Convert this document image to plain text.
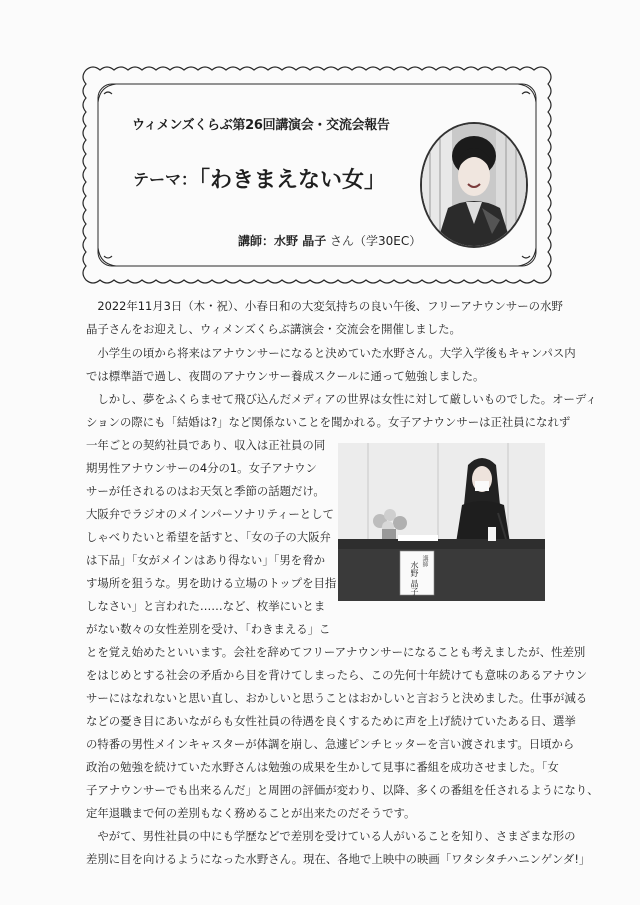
ウィメンズくらぶ第26回講演会・交流会報告
テーマ：「わきまえない女」
講師：水野 晶子 さん（学30EC）
　2022年11月3日（木・祝）、小春日和の大変気持ちの良い午後、フリーアナウンサーの水野
晶子さんをお迎えし、ウィメンズくらぶ講演会・交流会を開催しました。
　小学生の頃から将来はアナウンサーになると決めていた水野さん。大学入学後もキャンパス内
では標準語で過し、夜間のアナウンサー養成スクールに通って勉強しました。
　しかし、夢をふくらませて飛び込んだメディアの世界は女性に対して厳しいものでした。オーディ
ションの際にも「結婚は?」など関係ないことを聞かれる。女子アナウンサーは正社員になれず
一年ごとの契約社員であり、収入は正社員の同
期男性アナウンサーの4分の1。女子アナウン
サーが任されるのはお天気と季節の話題だけ。
大阪弁でラジオのメインパーソナリティーとして
しゃべりたいと希望を話すと、「女の子の大阪弁
は下品」「女がメインはあり得ない」「男を脅か
す場所を狙うな。男を助ける立場のトップを目指
しなさい」と言われた……など、枚挙にいとま
がない数々の女性差別を受け、「わきまえる」こ
とを覚え始めたといいます。会社を辞めてフリーアナウンサーになることも考えましたが、性差別
をはじめとする社会の矛盾から目を背けてしまったら、この先何十年続けても意味のあるアナウン
サーにはなれないと思い直し、おかしいと思うことはおかしいと言おうと決めました。仕事が減る
などの憂き目にあいながらも女性社員の待遇を良くするために声を上げ続けていたある日、選挙
の特番の男性メインキャスターが体調を崩し、急遽ピンチヒッターを言い渡されます。日頃から
政治の勉強を続けていた水野さんは勉強の成果を生かして見事に番組を成功させました。「女
子アナウンサーでも出来るんだ」と周囲の評価が変わり、以降、多くの番組を任されるようになり、
定年退職まで何の差別もなく務めることが出来たのだそうです。
　やがて、男性社員の中にも学歴などで差別を受けている人がいることを知り、さまざまな形の
差別に目を向けるようになった水野さん。現在、各地で上映中の映画「ワタシタチハニンゲンダ!」
講師
水野 晶子
